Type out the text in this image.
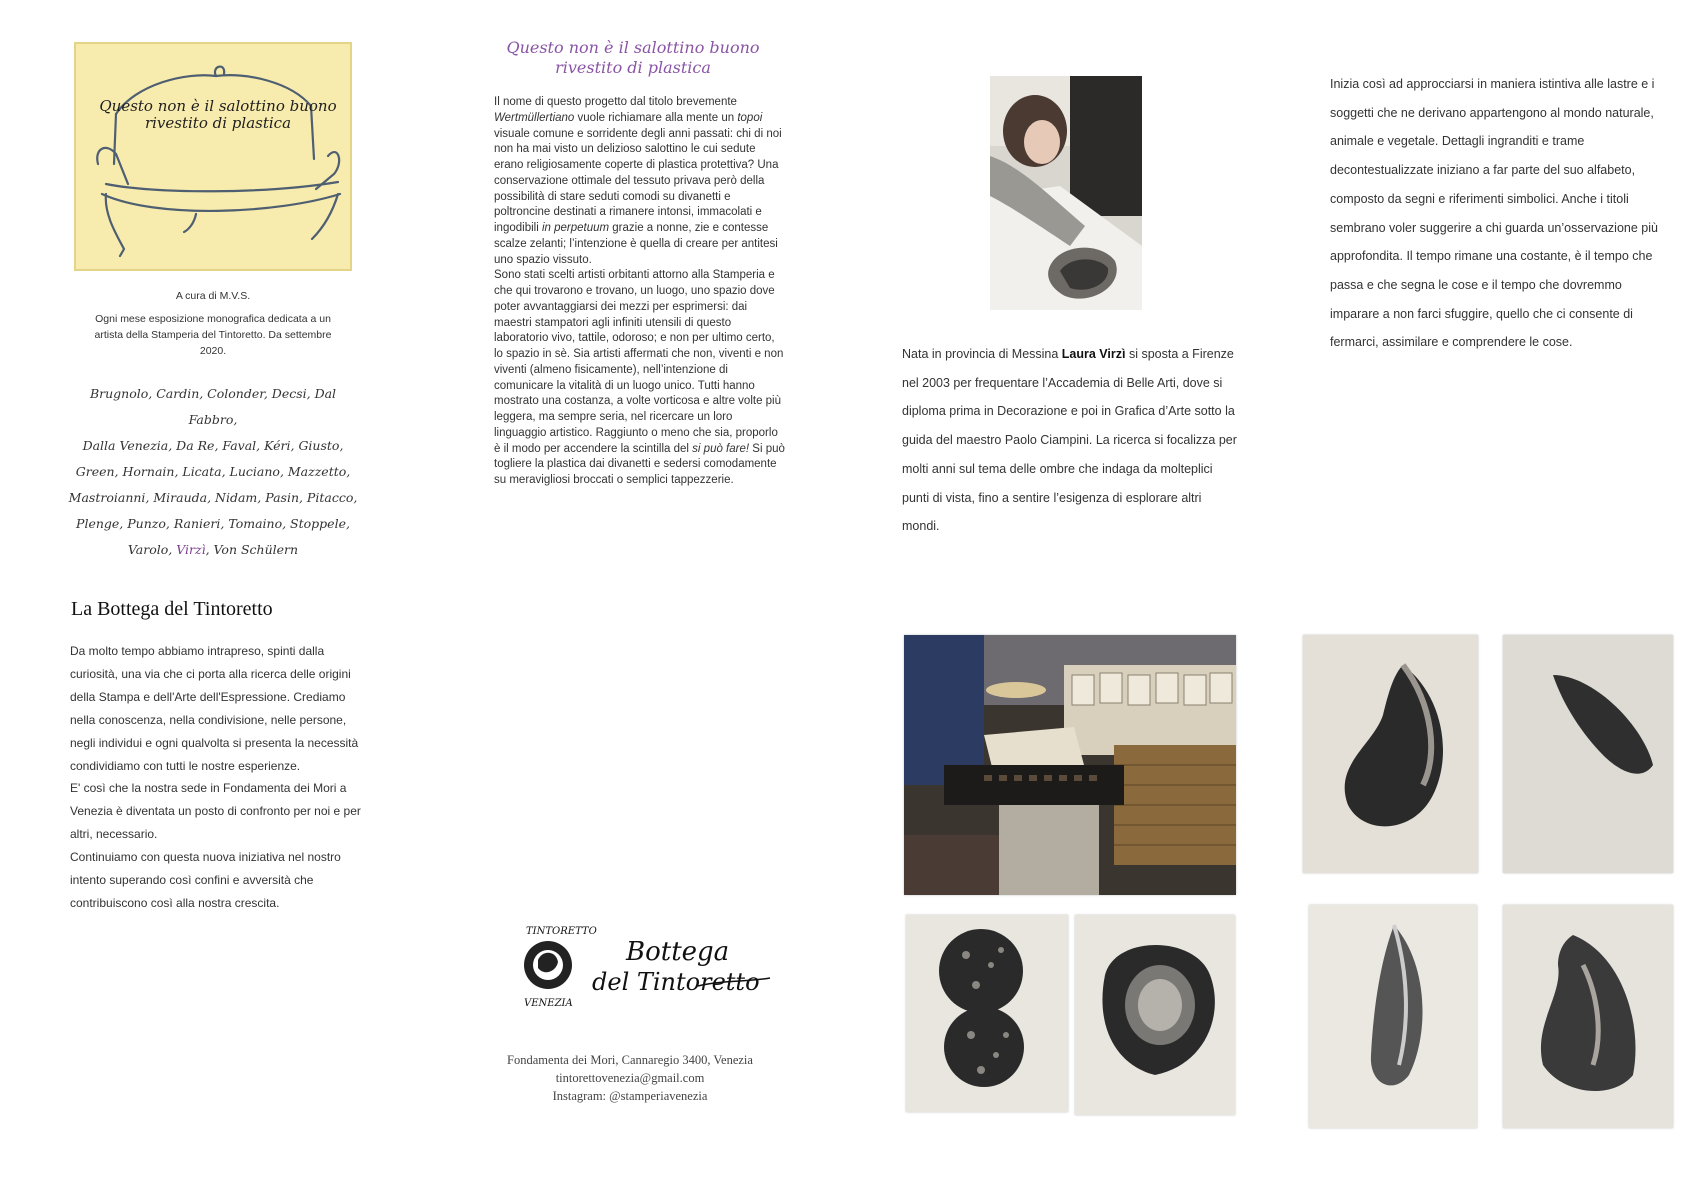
Questo non è il salottino buono rivestito di plastica
A cura di M.V.S.
Ogni mese esposizione monografica dedicata a un artista della Stamperia del Tintoretto. Da settembre 2020.
Brugnolo, Cardin, Colonder, Decsi, Dal Fabbro,
Dalla Venezia, Da Re, Faval, Kéri, Giusto,
Green, Hornain, Licata, Luciano, Mazzetto,
Mastroianni, Mirauda, Nidam, Pasin, Pitacco,
Plenge, Punzo, Ranieri, Tomaino, Stoppele,
Varolo, Virzì, Von Schülern
La Bottega del Tintoretto
Da molto tempo abbiamo intrapreso, spinti dalla curiosità, una via che ci porta alla ricerca delle origini della Stampa e dell'Arte dell'Espressione. Crediamo nella conoscenza, nella condivisione, nelle persone, negli individui e ogni qualvolta si presenta la necessità condividiamo con tutti le nostre esperienze.
E' così che la nostra sede in Fondamenta dei Mori a Venezia è diventata un posto di confronto per noi e per altri, necessario.
Continuiamo con questa nuova iniziativa nel nostro intento superando così confini e avversità che contribuiscono così alla nostra crescita.
Questo non è il salottino buono rivestito di plastica
Il nome di questo progetto dal titolo brevemente Wertmüllertiano vuole richiamare alla mente un topoi visuale comune e sorridente degli anni passati: chi di noi non ha mai visto un delizioso salottino le cui sedute erano religiosamente coperte di plastica protettiva? Una conservazione ottimale del tessuto privava però della possibilità di stare seduti comodi su divanetti e poltroncine destinati a rimanere intonsi, immacolati e ingodibili in perpetuum grazie a nonne, zie e contesse scalze zelanti; l’intenzione è quella di creare per antitesi uno spazio vissuto.
Sono stati scelti artisti orbitanti attorno alla Stamperia e che qui trovarono e trovano, un luogo, uno spazio dove poter avvantaggiarsi dei mezzi per esprimersi: dai maestri stampatori agli infiniti utensili di questo laboratorio vivo, tattile, odoroso; e non per ultimo certo, lo spazio in sè. Sia artisti affermati che non, viventi e non viventi (almeno fisicamente), nell’intenzione di comunicare la vitalità di un luogo unico. Tutti hanno mostrato una costanza, a volte vorticosa e altre volte più leggera, ma sempre seria, nel ricercare un loro linguaggio artistico. Raggiunto o meno che sia, proporlo è il modo per accendere la scintilla del si può fare! Si può togliere la plastica dai divanetti e sedersi comodamente su meravigliosi broccati o semplici tappezzerie.
TINTORETTO
VENEZIA
Bottega
del Tintoretto
Fondamenta dei Mori, Cannaregio 3400, Venezia
tintorettovenezia@gmail.com
Instagram: @stamperiavenezia
Nata in provincia di Messina Laura Virzì si sposta a Firenze nel 2003 per frequentare l’Accademia di Belle Arti, dove si diploma prima in Decorazione e poi in Grafica d’Arte sotto la guida del maestro Paolo Ciampini. La ricerca si focalizza per molti anni sul tema delle ombre che indaga da molteplici punti di vista, fino a sentire l’esigenza di esplorare altri mondi.
Inizia così ad approcciarsi in maniera istintiva alle lastre e i soggetti che ne derivano appartengono al mondo naturale, animale e vegetale. Dettagli ingranditi e trame decontestualizzate iniziano a far parte del suo alfabeto, composto da segni e riferimenti simbolici. Anche i titoli sembrano voler suggerire a chi guarda un’osservazione più approfondita. Il tempo rimane una costante, è il tempo che passa e che segna le cose e il tempo che dovremmo imparare a non farci sfuggire, quello che ci consente di fermarci, assimilare e comprendere le cose.
